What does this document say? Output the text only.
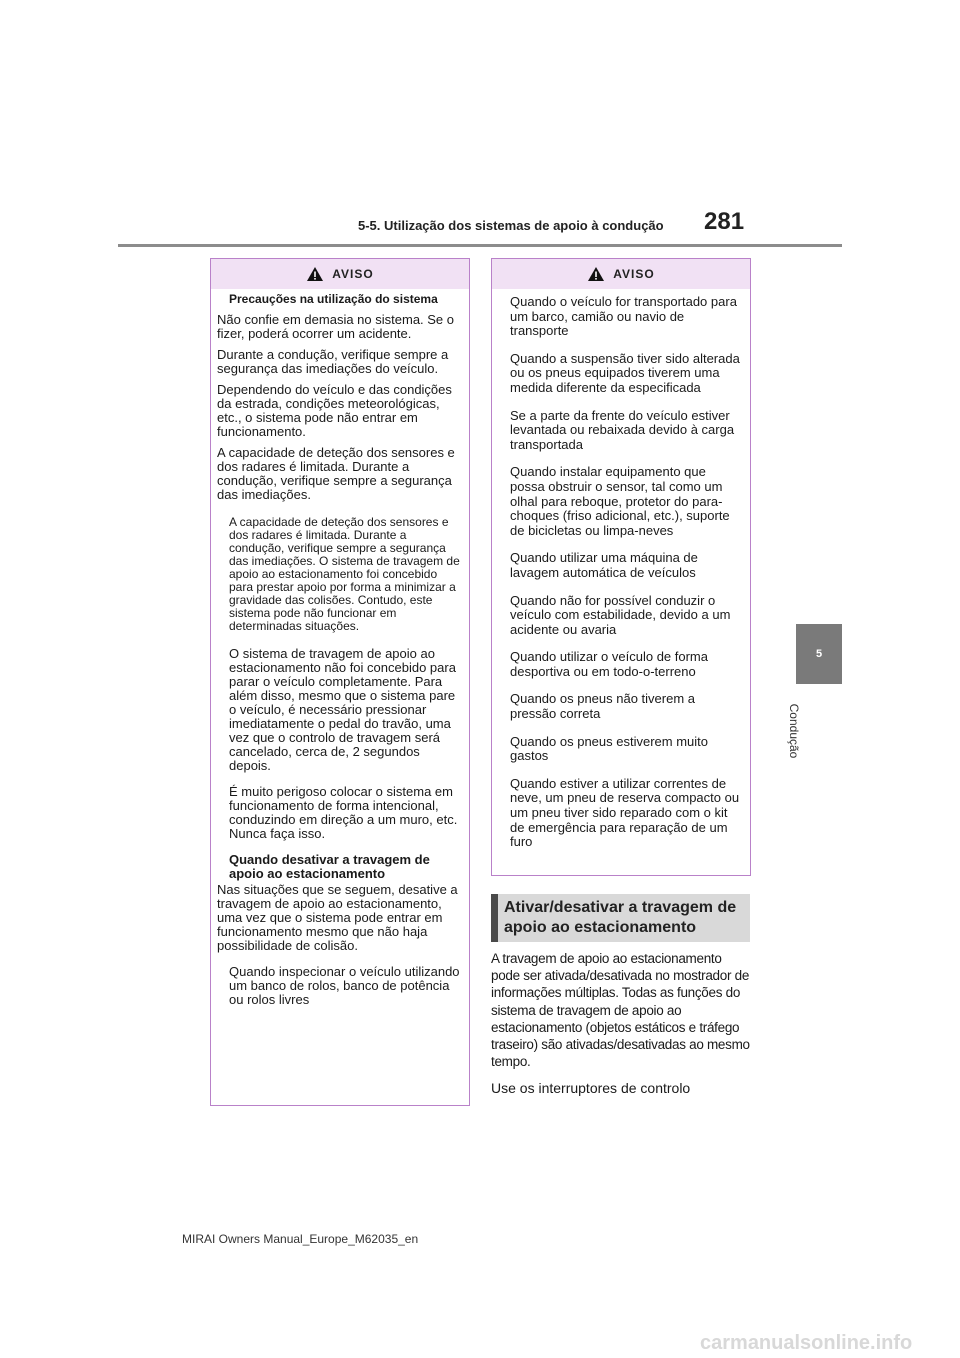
5-5. Utilização dos sistemas de apoio à condução 281
5
Condução
AVISO

Precauções na utilização do sistema

Não confie em demasia no sistema. Se o fizer, poderá ocorrer um acidente.

Durante a condução, verifique sempre a segurança das imediações do veículo.

Dependendo do veículo e das condições da estrada, condições meteorológicas, etc., o sistema pode não entrar em funcionamento.

A capacidade de deteção dos sensores e dos radares é limitada. Durante a condução, verifique sempre a segurança das imediações.

A capacidade de deteção dos sensores e dos radares é limitada. Durante a condução, verifique sempre a segurança das imediações. O sistema de travagem de apoio ao estacionamento foi concebido para prestar apoio por forma a minimizar a gravidade das colisões. Contudo, este sistema pode não funcionar em determinadas situações.

O sistema de travagem de apoio ao estacionamento não foi concebido para parar o veículo completamente. Para além disso, mesmo que o sistema pare o veículo, é necessário pressionar imediatamente o pedal do travão, uma vez que o controlo de travagem será cancelado, cerca de, 2 segundos depois.

É muito perigoso colocar o sistema em funcionamento de forma intencional, conduzindo em direção a um muro, etc. Nunca faça isso.

Quando desativar a travagem de apoio ao estacionamento

Nas situações que se seguem, desative a travagem de apoio ao estacionamento, uma vez que o sistema pode entrar em funcionamento mesmo que não haja possibilidade de colisão.

Quando inspecionar o veículo utilizando um banco de rolos, banco de potência ou rolos livres

AVISO

Quando o veículo for transportado para um barco, camião ou navio de transporte

Quando a suspensão tiver sido alterada ou os pneus equipados tiverem uma medida diferente da especificada

Se a parte da frente do veículo estiver levantada ou rebaixada devido à carga transportada

Quando instalar equipamento que possa obstruir o sensor, tal como um olhal para reboque, protetor do para-choques (friso adicional, etc.), suporte de bicicletas ou limpa-neves

Quando utilizar uma máquina de lavagem automática de veículos

Quando não for possível conduzir o veículo com estabilidade, devido a um acidente ou avaria

Quando utilizar o veículo de forma desportiva ou em todo-o-terreno

Quando os pneus não tiverem a pressão correta

Quando os pneus estiverem muito gastos

Quando estiver a utilizar correntes de neve, um pneu de reserva compacto ou um pneu tiver sido reparado com o kit de emergência para reparação de um furo

Ativar/desativar a travagem de apoio ao estacionamento

A travagem de apoio ao estacionamento pode ser ativada/desativada no mostrador de informações múltiplas. Todas as funções do sistema de travagem de apoio ao estacionamento (objetos estáticos e tráfego traseiro) são ativadas/desativadas ao mesmo tempo.

Use os interruptores de controlo

MIRAI Owners Manual_Europe_M62035_en
carmanualsonline.info
